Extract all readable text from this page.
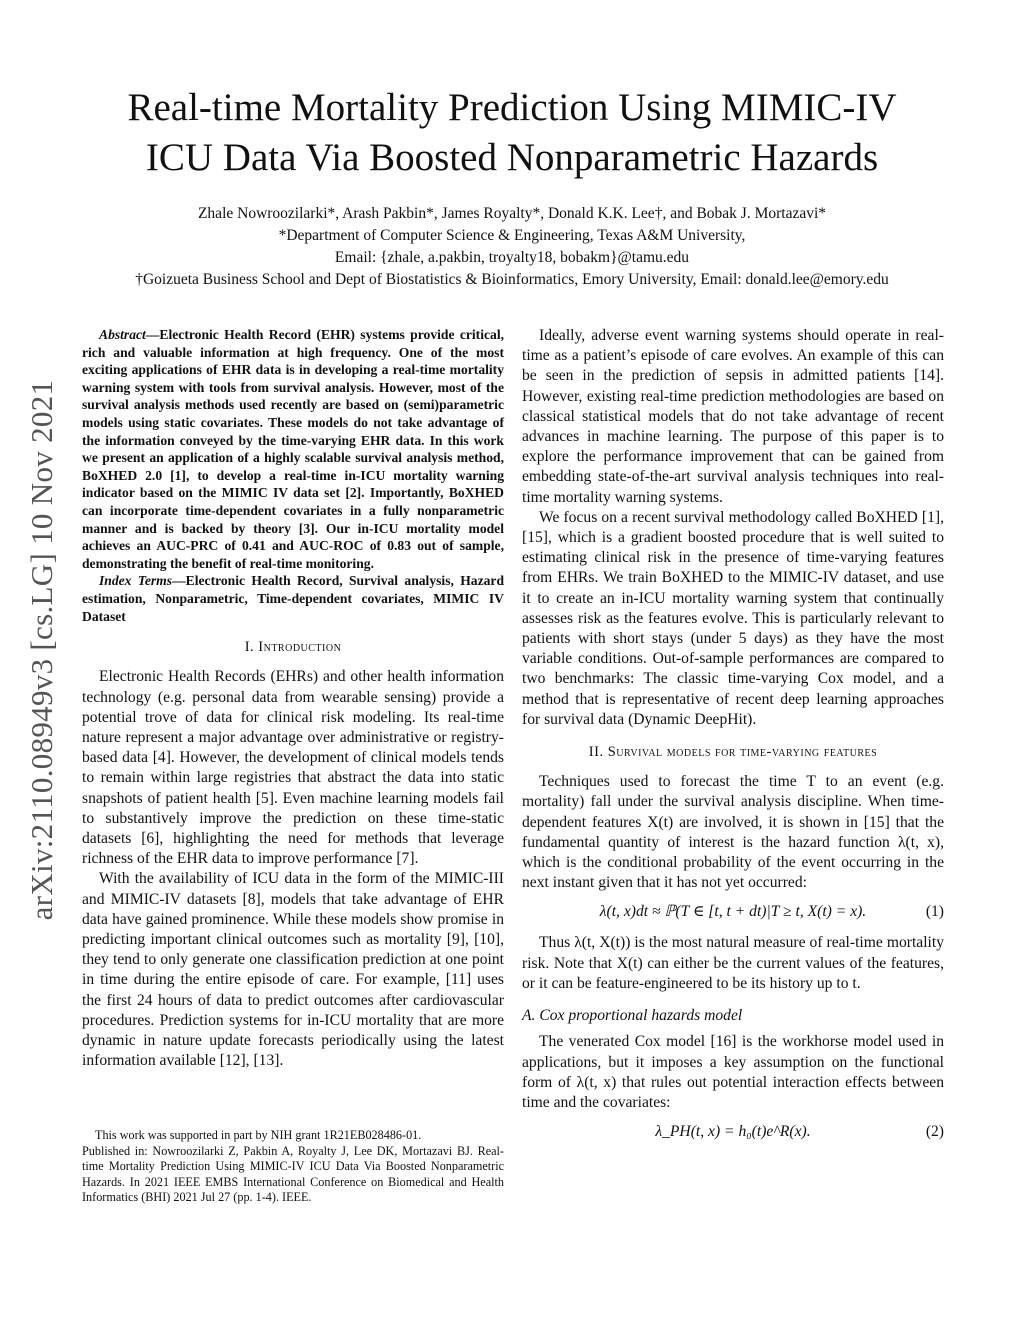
arXiv:2110.08949v3 [cs.LG] 10 Nov 2021
Real-time Mortality Prediction Using MIMIC-IV
ICU Data Via Boosted Nonparametric Hazards
Zhale Nowroozilarki*, Arash Pakbin*, James Royalty*, Donald K.K. Lee†, and Bobak J. Mortazavi*
*Department of Computer Science & Engineering, Texas A&M University,
Email: {zhale, a.pakbin, troyalty18, bobakm}@tamu.edu
†Goizueta Business School and Dept of Biostatistics & Bioinformatics, Emory University, Email: donald.lee@emory.edu

Abstract—Electronic Health Record (EHR) systems provide critical, rich and valuable information at high frequency. One of the most exciting applications of EHR data is in developing a real-time mortality warning system with tools from survival analysis. However, most of the survival analysis methods used recently are based on (semi)parametric models using static covariates. These models do not take advantage of the information conveyed by the time-varying EHR data. In this work we present an application of a highly scalable survival analysis method, BoXHED 2.0 [1], to develop a real-time in-ICU mortality warning indicator based on the MIMIC IV data set [2]. Importantly, BoXHED can incorporate time-dependent covariates in a fully nonparametric manner and is backed by theory [3]. Our in-ICU mortality model achieves an AUC-PRC of 0.41 and AUC-ROC of 0.83 out of sample, demonstrating the benefit of real-time monitoring.

Index Terms—Electronic Health Record, Survival analysis, Hazard estimation, Nonparametric, Time-dependent covariates, MIMIC IV Dataset

I. Introduction

Electronic Health Records (EHRs) and other health information technology (e.g. personal data from wearable sensing) provide a potential trove of data for clinical risk modeling. Its real-time nature represent a major advantage over administrative or registry-based data [4]. However, the development of clinical models tends to remain within large registries that abstract the data into static snapshots of patient health [5]. Even machine learning models fail to substantively improve the prediction on these time-static datasets [6], highlighting the need for methods that leverage richness of the EHR data to improve performance [7].

With the availability of ICU data in the form of the MIMIC-III and MIMIC-IV datasets [8], models that take advantage of EHR data have gained prominence. While these models show promise in predicting important clinical outcomes such as mortality [9], [10], they tend to only generate one classification prediction at one point in time during the entire episode of care. For example, [11] uses the first 24 hours of data to predict outcomes after cardiovascular procedures. Prediction systems for in-ICU mortality that are more dynamic in nature update forecasts periodically using the latest information available [12], [13].

This work was supported in part by NIH grant 1R21EB028486-01.

Published in: Nowroozilarki Z, Pakbin A, Royalty J, Lee DK, Mortazavi BJ. Real-time Mortality Prediction Using MIMIC-IV ICU Data Via Boosted Nonparametric Hazards. In 2021 IEEE EMBS International Conference on Biomedical and Health Informatics (BHI) 2021 Jul 27 (pp. 1-4). IEEE.

Ideally, adverse event warning systems should operate in real-time as a patient’s episode of care evolves. An example of this can be seen in the prediction of sepsis in admitted patients [14]. However, existing real-time prediction methodologies are based on classical statistical models that do not take advantage of recent advances in machine learning. The purpose of this paper is to explore the performance improvement that can be gained from embedding state-of-the-art survival analysis techniques into real-time mortality warning systems.

We focus on a recent survival methodology called BoXHED [1], [15], which is a gradient boosted procedure that is well suited to estimating clinical risk in the presence of time-varying features from EHRs. We train BoXHED to the MIMIC-IV dataset, and use it to create an in-ICU mortality warning system that continually assesses risk as the features evolve. This is particularly relevant to patients with short stays (under 5 days) as they have the most variable conditions. Out-of-sample performances are compared to two benchmarks: The classic time-varying Cox model, and a method that is representative of recent deep learning approaches for survival data (Dynamic DeepHit).

II. Survival models for time-varying features

Techniques used to forecast the time T to an event (e.g. mortality) fall under the survival analysis discipline. When time-dependent features X(t) are involved, it is shown in [15] that the fundamental quantity of interest is the hazard function λ(t, x), which is the conditional probability of the event occurring in the next instant given that it has not yet occurred:

λ(t, x)dt ≈ ℙ(T ∈ [t, t + dt)|T ≥ t, X(t) = x).	(1)

Thus λ(t, X(t)) is the most natural measure of real-time mortality risk. Note that X(t) can either be the current values of the features, or it can be feature-engineered to be its history up to t.

A. Cox proportional hazards model

The venerated Cox model [16] is the workhorse model used in applications, but it imposes a key assumption on the functional form of λ(t, x) that rules out potential interaction effects between time and the covariates:

λ_PH(t, x) = h₀(t)e^R(x).	(2)
